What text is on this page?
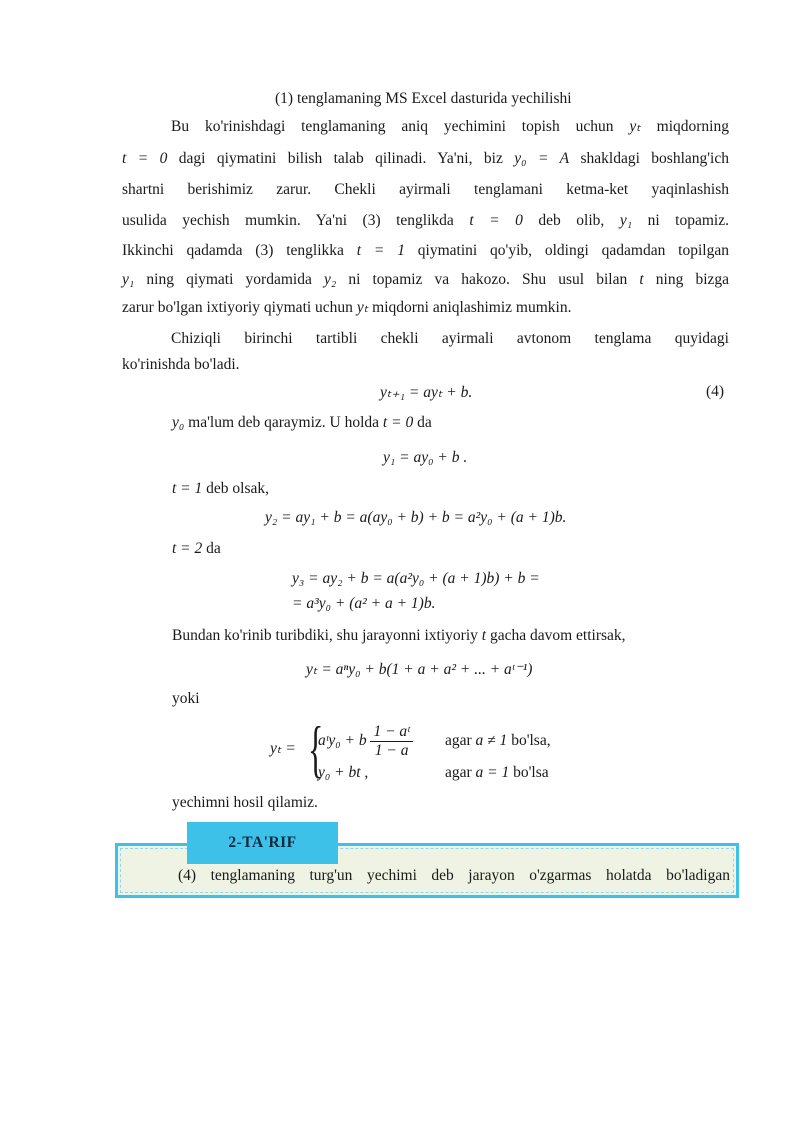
(1) tenglamaning MS Excel dasturida yechilishi
Bu ko'rinishdagi tenglamaning aniq yechimini topish uchun yₜ miqdorning
t = 0 dagi qiymatini bilish talab qilinadi. Ya'ni, biz y₀ = A shakldagi boshlang'ich
shartni berishimiz zarur. Chekli ayirmali tenglamani ketma-ket yaqinlashish
usulida yechish mumkin. Ya'ni (3) tenglikda t = 0 deb olib, y₁ ni topamiz.
Ikkinchi qadamda (3) tenglikka t = 1 qiymatini qo'yib, oldingi qadamdan topilgan
y₁ ning qiymati yordamida y₂ ni topamiz va hakozo. Shu usul bilan t ning bizga
zarur bo'lgan ixtiyoriy qiymati uchun yₜ miqdorni aniqlashimiz mumkin.
Chiziqli birinchi tartibli chekli ayirmali avtonom tenglama quyidagi
ko'rinishda bo'ladi.
yₜ₊₁ = ayₜ + b.	(4)
y₀ ma'lum deb qaraymiz. U holda t = 0 da
y₁ = ay₀ + b .
t = 1 deb olsak,
y₂ = ay₁ + b = a(ay₀ + b) + b = a²y₀ + (a + 1)b.
t = 2 da
y₃ = ay₂ + b = a(a²y₀ + (a + 1)b) + b =
= a³y₀ + (a² + a + 1)b.
Bundan ko'rinib turibdiki, shu jarayonni ixtiyoriy t gacha davom ettirsak,
yₜ = aⁿy₀ + b(1 + a + a² + ... + aᵗ⁻¹)
yoki
yₜ = {
aᵗy₀ + b $\frac{\text{1 − aᵗ}}{1 - a}$ agar a ≠ 1 bo'lsa,
y₀ + bt ,	agar a = 1 bo'lsa
yechimni hosil qilamiz.
2-TA'RIF
(4) tenglamaning turg'un yechimi deb jarayon o'zgarmas holatda bo'ladigan
